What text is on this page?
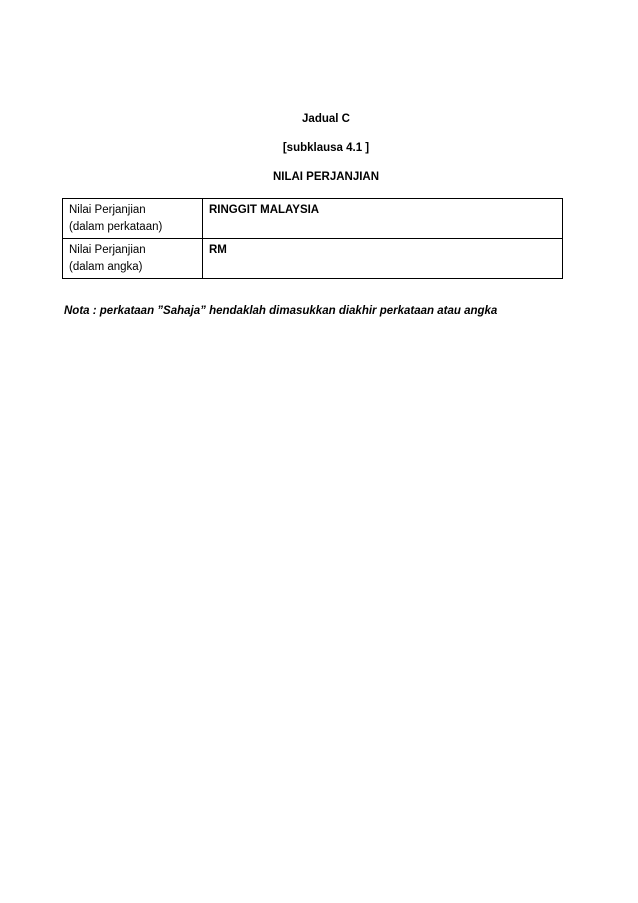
Jadual C
[subklausa 4.1 ]
NILAI PERJANJIAN
Nilai Perjanjian
(dalam perkataan)	RINGGIT MALAYSIA

Nilai Perjanjian
(dalam angka)	RM
Nota : perkataan ”Sahaja” hendaklah dimasukkan diakhir perkataan atau angka
